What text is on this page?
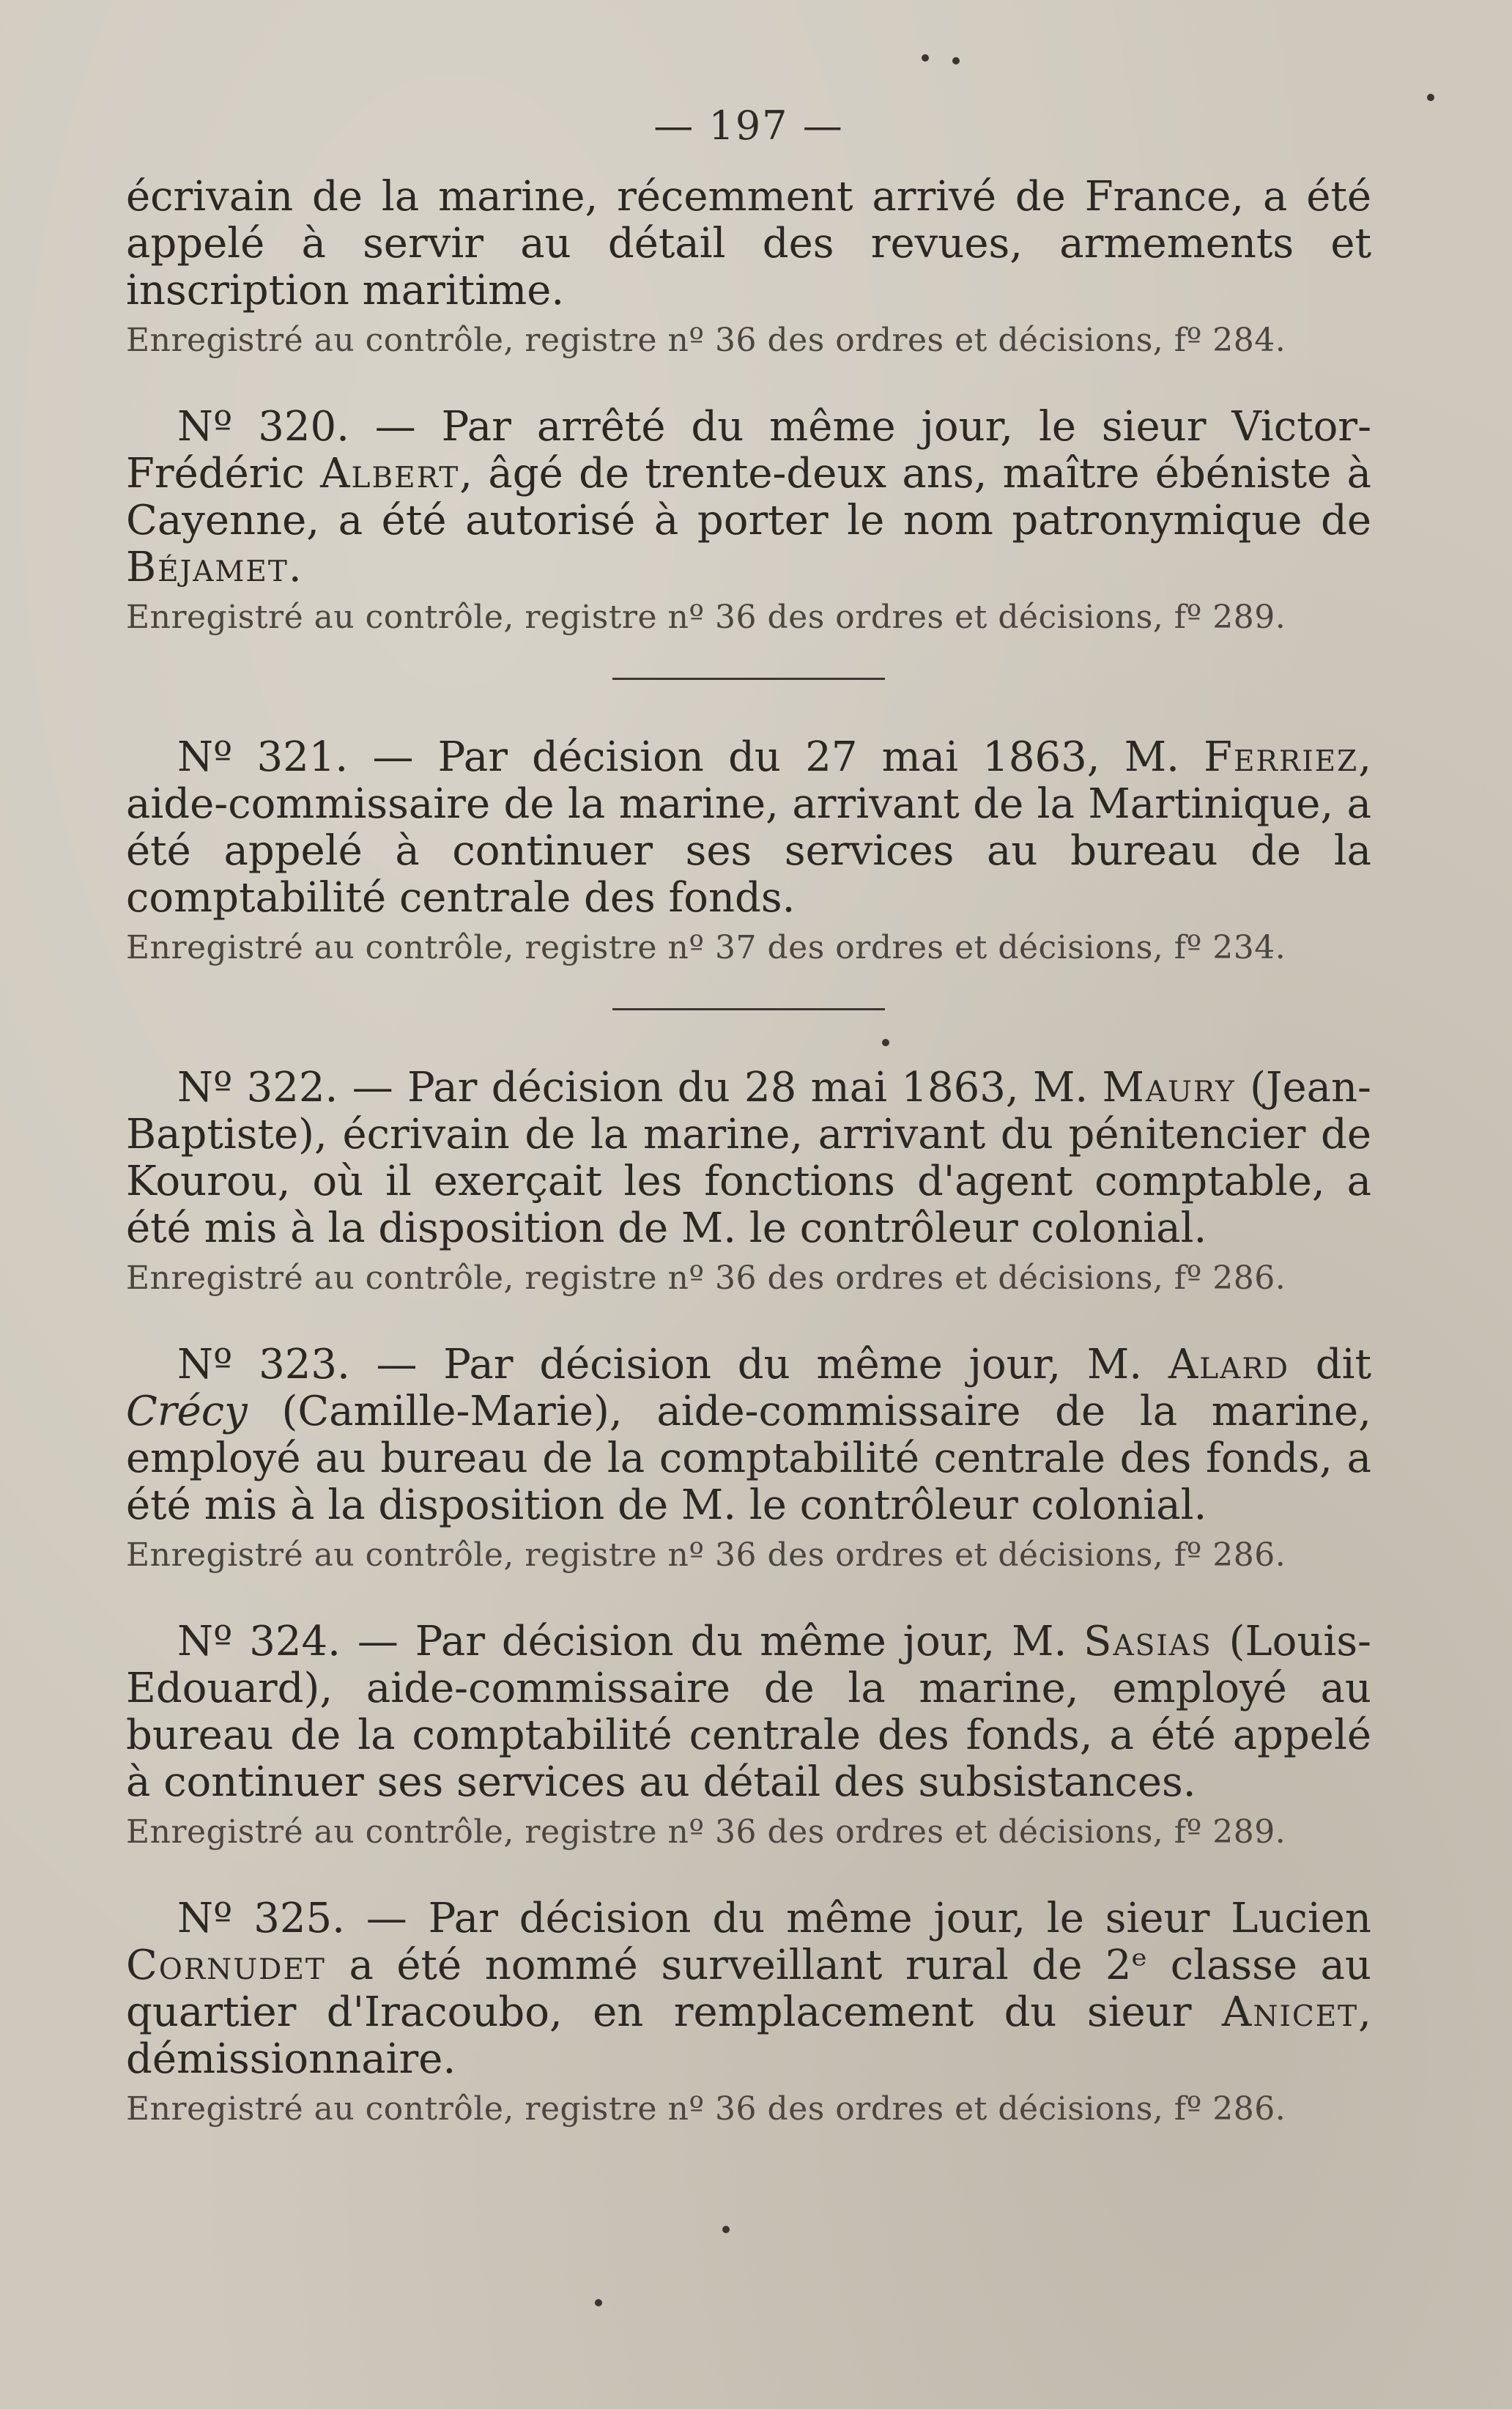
— 197 —

écrivain de la marine, récemment arrivé de France, a été appelé à servir au détail des revues, armements et inscription maritime.

Enregistré au contrôle, registre nº 36 des ordres et décisions, fº 284.

Nº 320. — Par arrêté du même jour, le sieur Victor-Frédéric Albert, âgé de trente-deux ans, maître ébéniste à Cayenne, a été autorisé à porter le nom patronymique de Béjamet.

Enregistré au contrôle, registre nº 36 des ordres et décisions, fº 289.

Nº 321. — Par décision du 27 mai 1863, M. Ferriez, aide-commissaire de la marine, arrivant de la Martinique, a été appelé à continuer ses services au bureau de la comptabilité centrale des fonds.

Enregistré au contrôle, registre nº 37 des ordres et décisions, fº 234.

Nº 322. — Par décision du 28 mai 1863, M. Maury (Jean-Baptiste), écrivain de la marine, arrivant du pénitencier de Kourou, où il exerçait les fonctions d'agent comptable, a été mis à la disposition de M. le contrôleur colonial.

Enregistré au contrôle, registre nº 36 des ordres et décisions, fº 286.

Nº 323. — Par décision du même jour, M. Alard dit Crécy (Camille-Marie), aide-commissaire de la marine, employé au bureau de la comptabilité centrale des fonds, a été mis à la disposition de M. le contrôleur colonial.

Enregistré au contrôle, registre nº 36 des ordres et décisions, fº 286.

Nº 324. — Par décision du même jour, M. Sasias (Louis-Edouard), aide-commissaire de la marine, employé au bureau de la comptabilité centrale des fonds, a été appelé à continuer ses services au détail des subsistances.

Enregistré au contrôle, registre nº 36 des ordres et décisions, fº 289.

Nº 325. — Par décision du même jour, le sieur Lucien Cornudet a été nommé surveillant rural de 2ᵉ classe au quartier d'Iracoubo, en remplacement du sieur Anicet, démissionnaire.

Enregistré au contrôle, registre nº 36 des ordres et décisions, fº 286.
